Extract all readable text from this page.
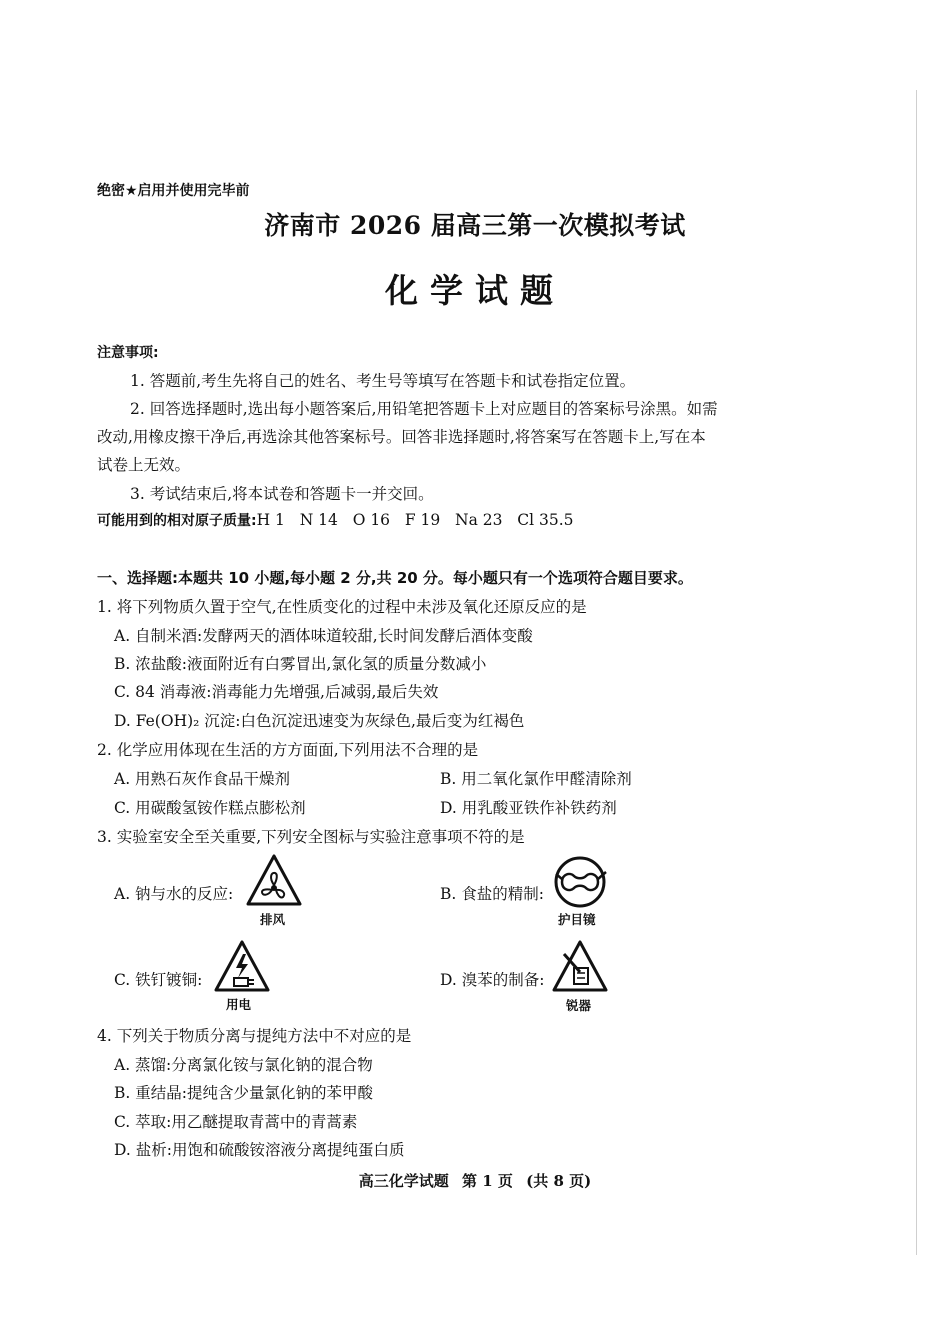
绝密★启用并使用完毕前
济南市 2026 届高三第一次模拟考试
化学试题
注意事项:
1. 答题前,考生先将自己的姓名、考生号等填写在答题卡和试卷指定位置。
2. 回答选择题时,选出每小题答案后,用铅笔把答题卡上对应题目的答案标号涂黑。如需
改动,用橡皮擦干净后,再选涂其他答案标号。回答非选择题时,将答案写在答题卡上,写在本
试卷上无效。
3. 考试结束后,将本试卷和答题卡一并交回。
可能用到的相对原子质量:H 1   N 14   O 16   F 19   Na 23   Cl 35.5
一、选择题:本题共 10 小题,每小题 2 分,共 20 分。每小题只有一个选项符合题目要求。
1. 将下列物质久置于空气,在性质变化的过程中未涉及氧化还原反应的是
A. 自制米酒:发酵两天的酒体味道较甜,长时间发酵后酒体变酸
B. 浓盐酸:液面附近有白雾冒出,氯化氢的质量分数减小
C. 84 消毒液:消毒能力先增强,后减弱,最后失效
D. Fe(OH)₂ 沉淀:白色沉淀迅速变为灰绿色,最后变为红褐色
2. 化学应用体现在生活的方方面面,下列用法不合理的是
A. 用熟石灰作食品干燥剂	B. 用二氧化氯作甲醛清除剂
C. 用碳酸氢铵作糕点膨松剂	D. 用乳酸亚铁作补铁药剂
3. 实验室安全至关重要,下列安全图标与实验注意事项不符的是
A. 钠与水的反应:
排风
B. 食盐的精制:
护目镜
C. 铁钉镀铜:
用电
D. 溴苯的制备:
锐器
4. 下列关于物质分离与提纯方法中不对应的是
A. 蒸馏:分离氯化铵与氯化钠的混合物
B. 重结晶:提纯含少量氯化钠的苯甲酸
C. 萃取:用乙醚提取青蒿中的青蒿素
D. 盐析:用饱和硫酸铵溶液分离提纯蛋白质
高三化学试题 第 1 页 (共 8 页)
